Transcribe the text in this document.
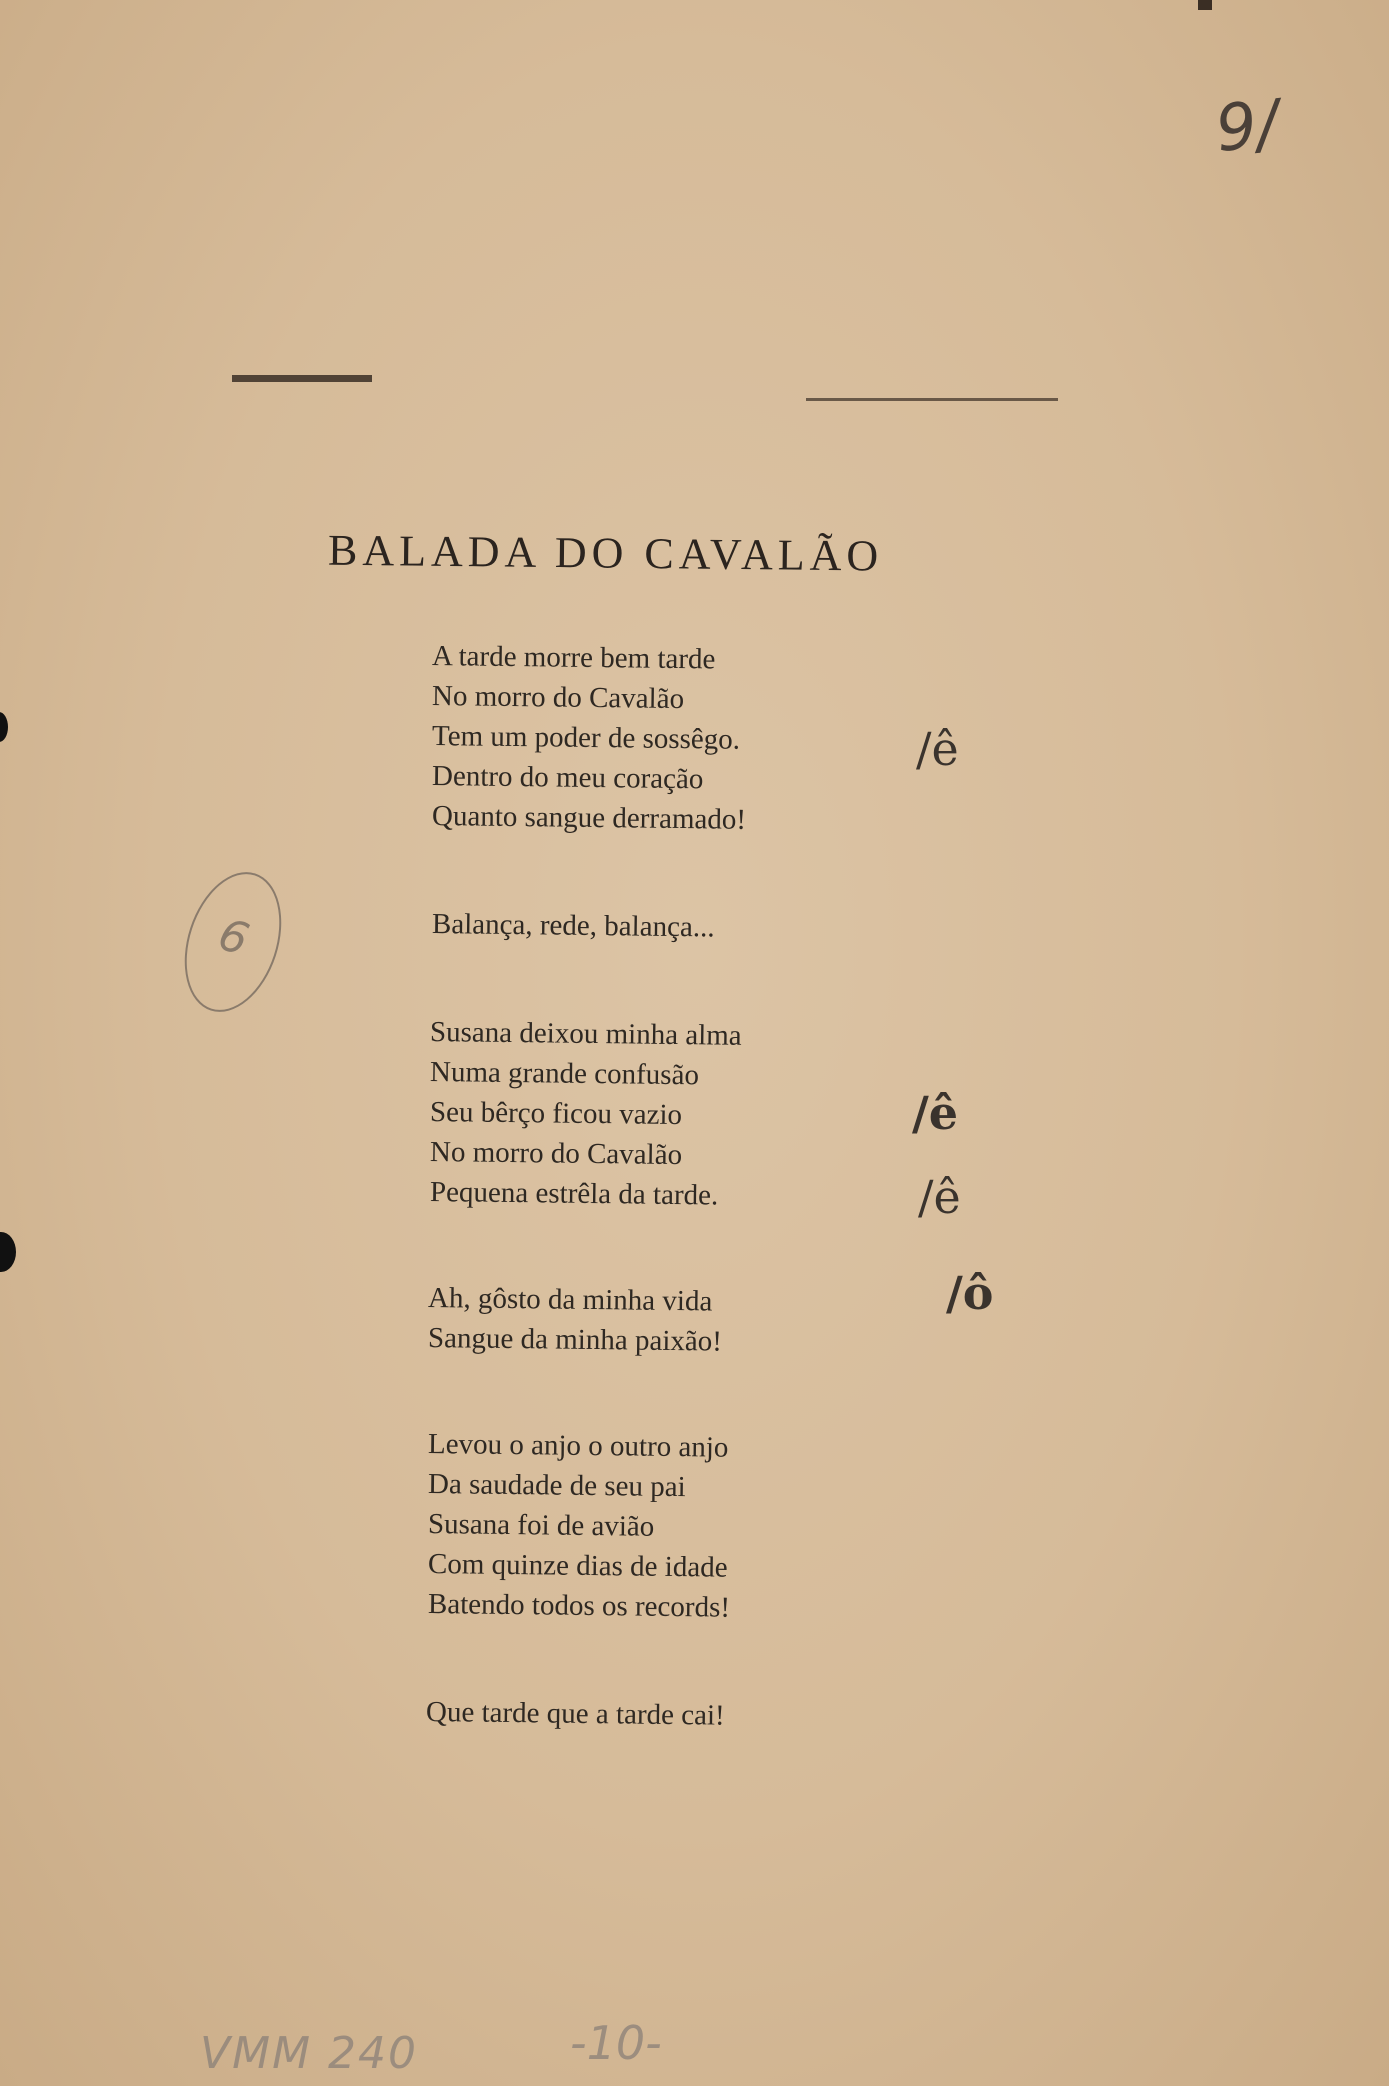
9/
BALADA DO CAVALÃO
A tarde morre bem tarde
No morro do Cavalão
Tem um poder de sossêgo.
Dentro do meu coração
Quanto sangue derramado!
Balança, rede, balança...
Susana deixou minha alma
Numa grande confusão
Seu bêrço ficou vazio
No morro do Cavalão
Pequena estrêla da tarde.
Ah, gôsto da minha vida
Sangue da minha paixão!
Levou o anjo o outro anjo
Da saudade de seu pai
Susana foi de avião
Com quinze dias de idade
Batendo todos os records!
Que tarde que a tarde cai!
/ê
/ê
/ê
/ô
6
VMM 240	-10-
